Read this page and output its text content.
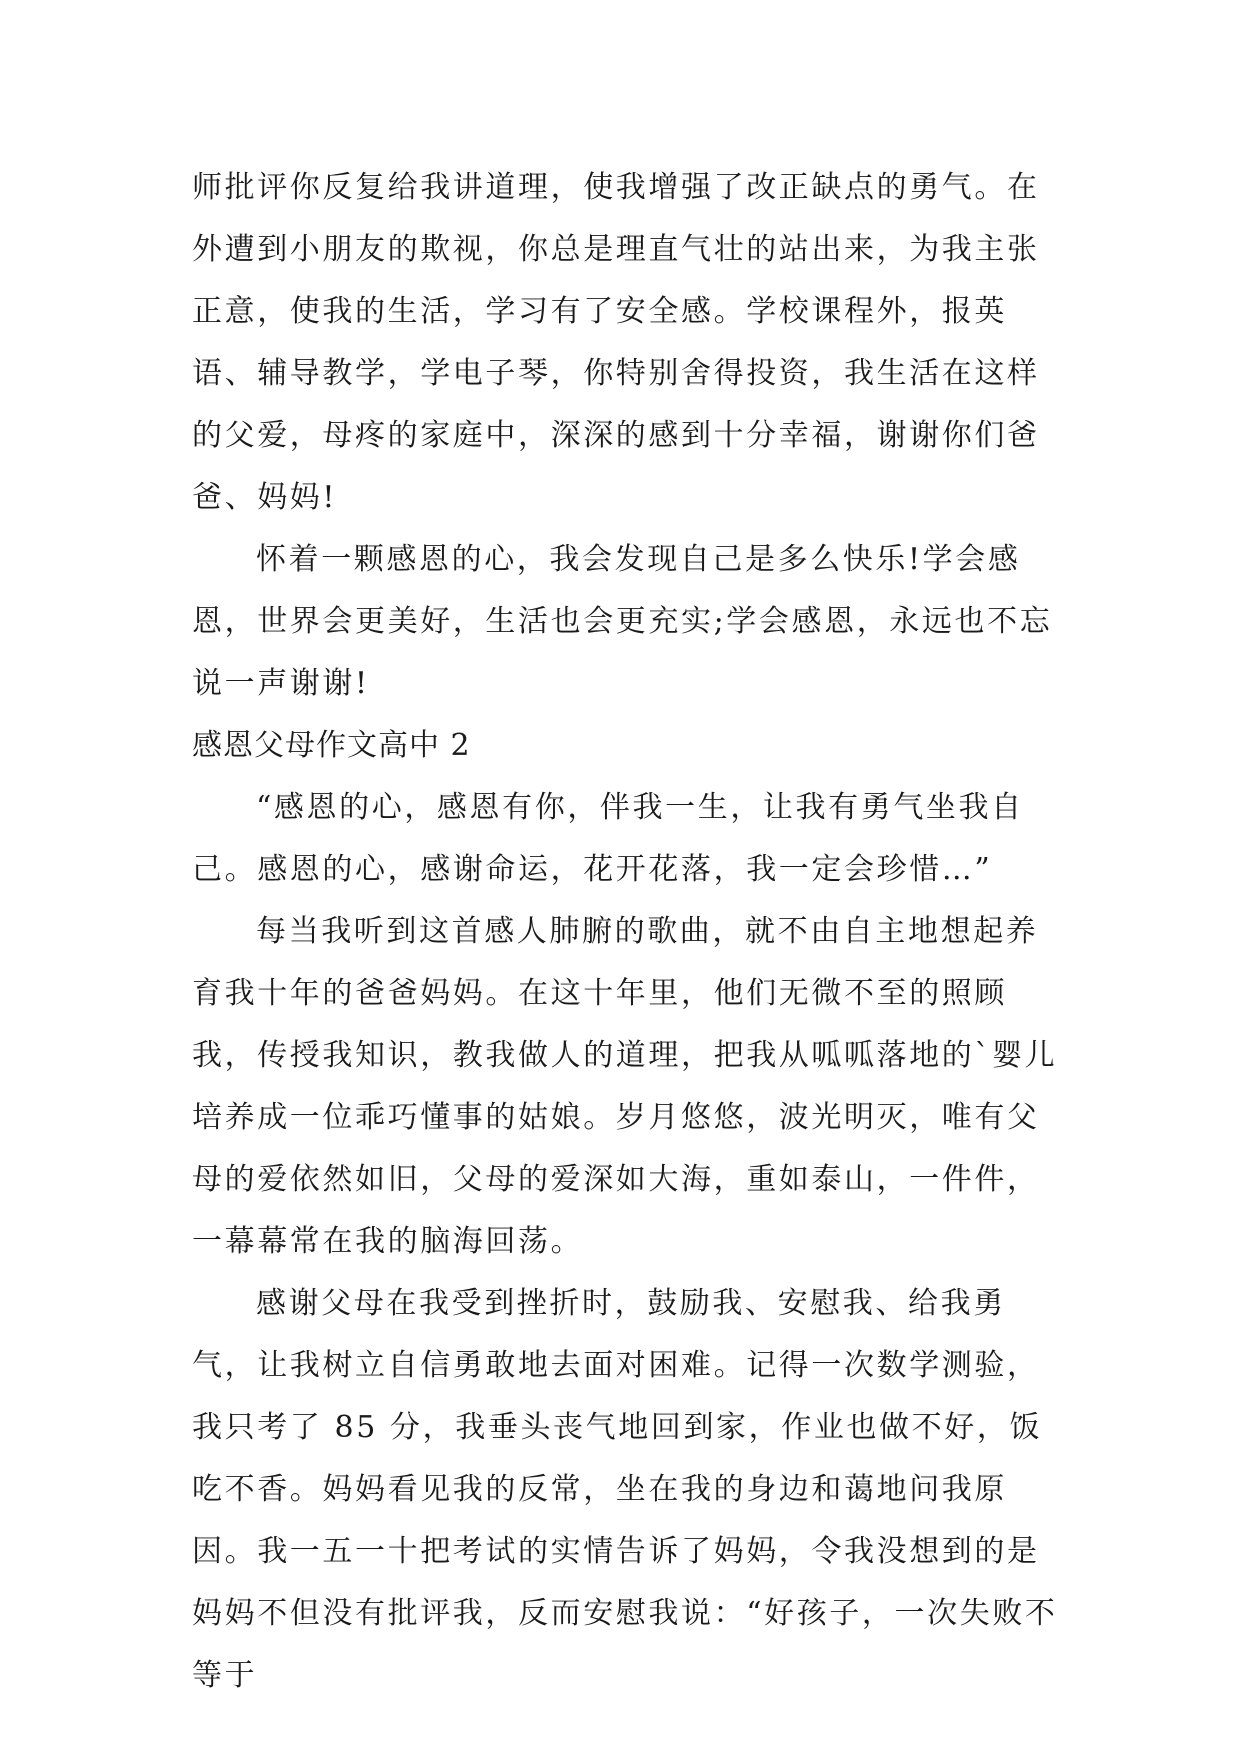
师批评你反复给我讲道理，使我增强了改正缺点的勇气。在外遭到小朋友的欺视，你总是理直气壮的站出来，为我主张正意，使我的生活，学习有了安全感。学校课程外，报英语、辅导教学，学电子琴，你特别舍得投资，我生活在这样的父爱，母疼的家庭中，深深的感到十分幸福，谢谢你们爸爸、妈妈!

怀着一颗感恩的心，我会发现自己是多么快乐!学会感恩，世界会更美好，生活也会更充实;学会感恩，永远也不忘说一声谢谢!

感恩父母作文高中 2

“感恩的心，感恩有你，伴我一生，让我有勇气坐我自己。感恩的心，感谢命运，花开花落，我一定会珍惜…”

每当我听到这首感人肺腑的歌曲，就不由自主地想起养育我十年的爸爸妈妈。在这十年里，他们无微不至的照顾我，传授我知识，教我做人的道理，把我从呱呱落地的`婴儿培养成一位乖巧懂事的姑娘。岁月悠悠，波光明灭，唯有父母的爱依然如旧，父母的爱深如大海，重如泰山，一件件，一幕幕常在我的脑海回荡。

感谢父母在我受到挫折时，鼓励我、安慰我、给我勇气，让我树立自信勇敢地去面对困难。记得一次数学测验，我只考了 85 分，我垂头丧气地回到家，作业也做不好，饭吃不香。妈妈看见我的反常，坐在我的身边和蔼地问我原因。我一五一十把考试的实情告诉了妈妈，令我没想到的是妈妈不但没有批评我，反而安慰我说：“好孩子，一次失败不等于
